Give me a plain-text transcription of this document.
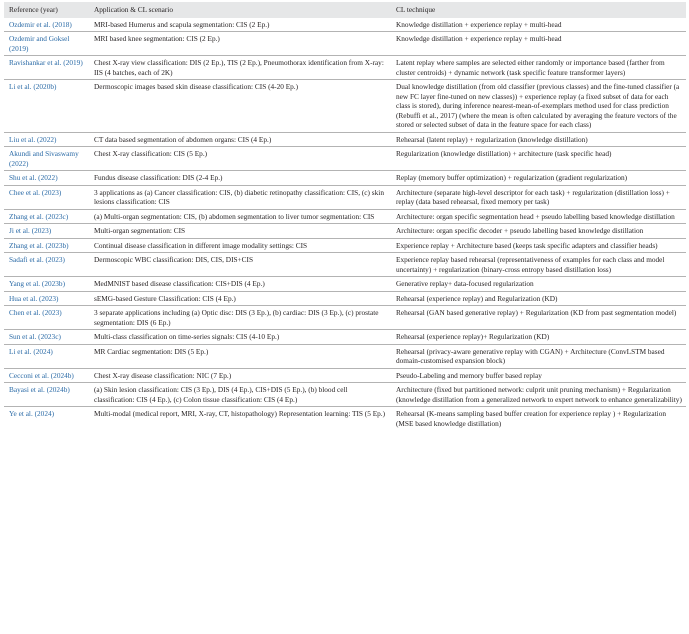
Reference (year)	Application & CL scenario	CL technique
Ozdemir et al. (2018)	MRI-based Humerus and scapula segmentation: CIS (2 Ep.)	Knowledge distillation + experience replay + multi-head
Ozdemir and Goksel (2019)	MRI based knee segmentation: CIS (2 Ep.)	Knowledge distillation + experience replay + multi-head
Ravishankar et al. (2019)	Chest X-ray view classification: DIS (2 Ep.), TIS (2 Ep.), Pneumothorax identification from X-ray: IIS (4 batches, each of 2K)	Latent replay where samples are selected either randomly or importance based (farther from cluster centroids) + dynamic network (task specific feature transformer layers)
Li et al. (2020b)	Dermoscopic images based skin disease classification: CIS (4-20 Ep.)	Dual knowledge distillation (from old classifier (previous classes) and the fine-tuned classifier (a new FC layer fine-tuned on new classes)) + experience replay (a fixed subset of data for each class is stored), during inference nearest-mean-of-exemplars method used for class prediction (Rebuffi et al., 2017) (where the mean is often calculated by averaging the feature vectors of the stored or selected subset of data in the feature space for each class)
Liu et al. (2022)	CT data based segmentation of abdomen organs: CIS (4 Ep.)	Rehearsal (latent replay) + regularization (knowledge distillation)
Akundi and Sivaswamy (2022)	Chest X-ray classification: CIS (5 Ep.)	Regularization (knowledge distillation) + architecture (task specific head)
Shu et al. (2022)	Fundus disease classification: DIS (2-4 Ep.)	Replay (memory buffer optimization) + regularization (gradient regularization)
Chee et al. (2023)	3 applications as (a) Cancer classification: CIS, (b) diabetic retinopathy classification: CIS, (c) skin lesions classification: CIS	Architecture (separate high-level descriptor for each task) + regularization (distillation loss) + replay (data based rehearsal, fixed memory per task)
Zhang et al. (2023c)	(a) Multi-organ segmentation: CIS, (b) abdomen segmentation to liver tumor segmentation: CIS	Architecture: organ specific segmentation head + pseudo labelling based knowledge distillation
Ji et al. (2023)	Multi-organ segmentation: CIS	Architecture: organ specific decoder + pseudo labelling based knowledge distillation
Zhang et al. (2023b)	Continual disease classification in different image modality settings: CIS	Experience replay + Architecture based (keeps task specific adapters and classifier heads)
Sadafi et al. (2023)	Dermoscopic WBC classification: DIS, CIS, DIS+CIS	Experience replay based rehearsal (representativeness of examples for each class and model uncertainty) + regularization (binary-cross entropy based distillation loss)
Yang et al. (2023b)	MedMNIST based disease classification: CIS+DIS (4 Ep.)	Generative replay+ data-focused regularization
Hua et al. (2023)	sEMG-based Gesture Classification: CIS (4 Ep.)	Rehearsal (experience replay) and Regularization (KD)
Chen et al. (2023)	3 separate applications including (a) Optic disc: DIS (3 Ep.), (b) cardiac: DIS (3 Ep.), (c) prostate segmentation: DIS (6 Ep.)	Rehearsal (GAN based generative replay) + Regularization (KD from past segmentation model)
Sun et al. (2023c)	Multi-class classification on time-series signals: CIS (4-10 Ep.)	Rehearsal (experience replay)+ Regularization (KD)
Li et al. (2024)	MR Cardiac segmentation: DIS (5 Ep.)	Rehearsal (privacy-aware generative replay with CGAN) + Architecture (ConvLSTM based domain-customised expansion block)
Cecconi et al. (2024b)	Chest X-ray disease classification: NIC (7 Ep.)	Pseudo-Labeling and memory buffer based replay
Bayasi et al. (2024b)	(a) Skin lesion classification: CIS (3 Ep.), DIS (4 Ep.), CIS+DIS (5 Ep.), (b) blood cell classification: CIS (4 Ep.), (c) Colon tissue classification: CIS (4 Ep.)	Architecture (fixed but partitioned network: culprit unit pruning mechanism) + Regularization (knowledge distillation from a generalized network to expert network to enhance generalizability)
Ye et al. (2024)	Multi-modal (medical report, MRI, X-ray, CT, histopathology) Representation learning: TIS (5 Ep.)	Rehearsal (K-means sampling based buffer creation for experience replay ) + Regularization (MSE based knowledge distillation)
